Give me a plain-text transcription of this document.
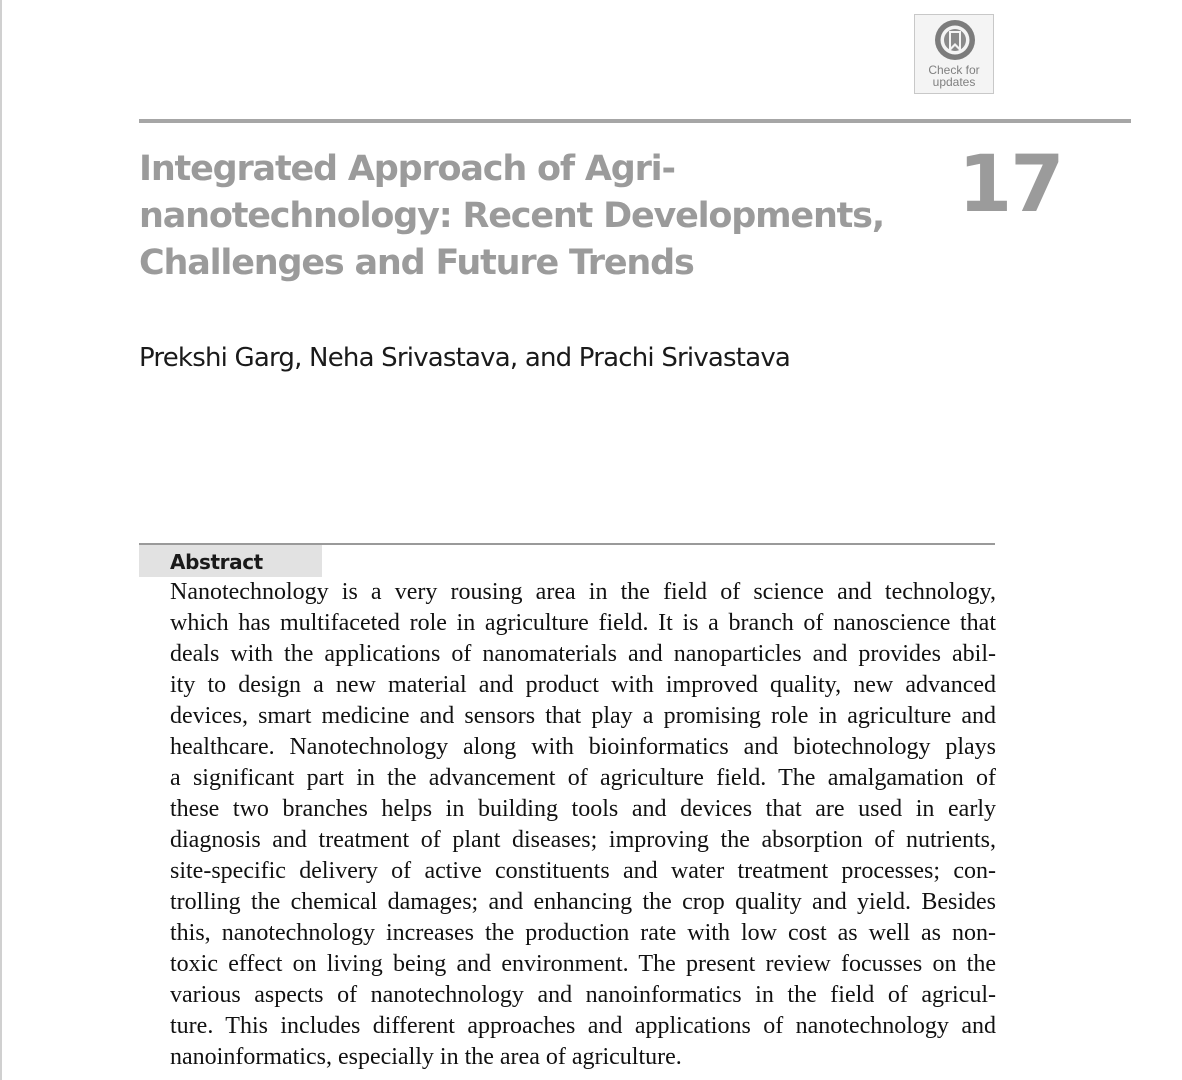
Check for
updates
Integrated Approach of Agri-
nanotechnology: Recent Developments,
Challenges and Future Trends
17

Prekshi Garg, Neha Srivastava, and Prachi Srivastava

Abstract
Nanotechnology is a very rousing area in the field of science and technology,
which has multifaceted role in agriculture field. It is a branch of nanoscience that
deals with the applications of nanomaterials and nanoparticles and provides abil-
ity to design a new material and product with improved quality, new advanced
devices, smart medicine and sensors that play a promising role in agriculture and
healthcare. Nanotechnology along with bioinformatics and biotechnology plays
a significant part in the advancement of agriculture field. The amalgamation of
these two branches helps in building tools and devices that are used in early
diagnosis and treatment of plant diseases; improving the absorption of nutrients,
site-specific delivery of active constituents and water treatment processes; con-
trolling the chemical damages; and enhancing the crop quality and yield. Besides
this, nanotechnology increases the production rate with low cost as well as non-
toxic effect on living being and environment. The present review focusses on the
various aspects of nanotechnology and nanoinformatics in the field of agricul-
ture. This includes different approaches and applications of nanotechnology and
nanoinformatics, especially in the area of agriculture.
